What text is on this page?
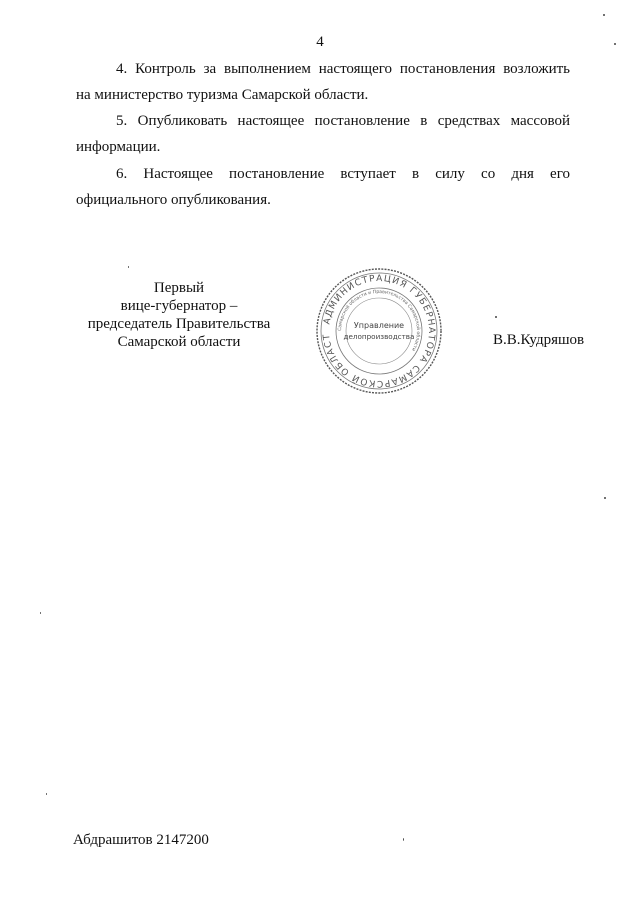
4
4. Контроль за выполнением настоящего постановления возложить
на министерство туризма Самарской области.
5. Опубликовать настоящее постановление в средствах массовой
информации.
6. Настоящее постановление вступает в силу со дня его
официального опубликования.
Первый
вице-губернатор –
председатель Правительства
Самарской области
АДМИНИСТРАЦИЯ ГУБЕРНАТОРА САМАРСКОЙ ОБЛАСТ
Самарской области и Правительства Самарской области
Управление
делопроизводства	В.В.Кудряшов
Абдрашитов 2147200
